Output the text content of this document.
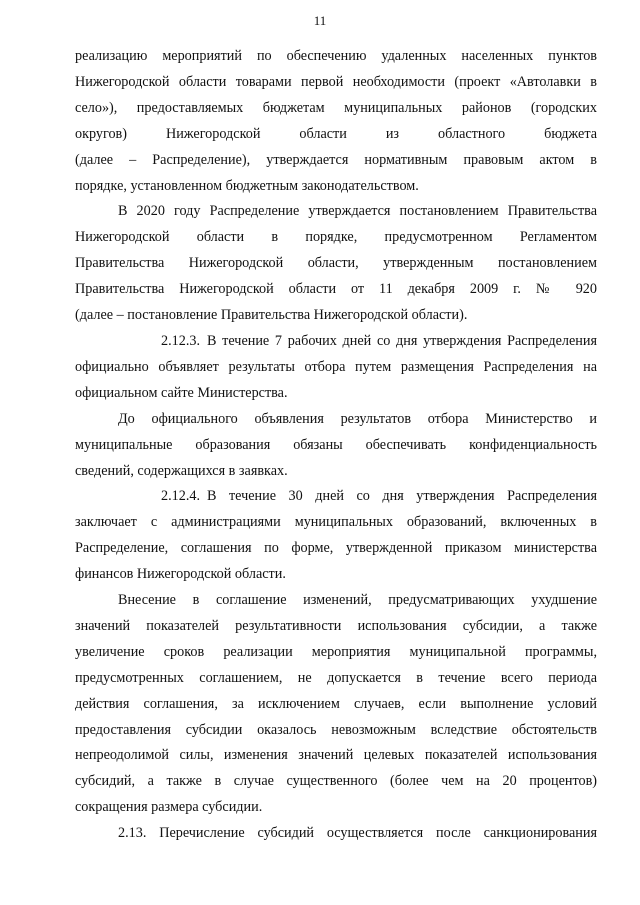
11
реализацию мероприятий по обеспечению удаленных населенных пунктов
Нижегородской области товарами первой необходимости (проект «Автолавки в
село»), предоставляемых бюджетам муниципальных районов (городских
округов) Нижегородской области из областного бюджета
(далее – Распределение), утверждается нормативным правовым актом в
порядке, установленном бюджетным законодательством.
В 2020 году Распределение утверждается постановлением Правительства
Нижегородской области в порядке, предусмотренном Регламентом
Правительства Нижегородской области, утвержденным постановлением
Правительства Нижегородской области от 11 декабря 2009 г. № 920
(далее – постановление Правительства Нижегородской области).
2.12.3. В течение 7 рабочих дней со дня утверждения Распределения
официально объявляет результаты отбора путем размещения Распределения на
официальном сайте Министерства.
До официального объявления результатов отбора Министерство и
муниципальные образования обязаны обеспечивать конфиденциальность
сведений, содержащихся в заявках.
2.12.4. В течение 30 дней со дня утверждения Распределения
заключает с администрациями муниципальных образований, включенных в
Распределение, соглашения по форме, утвержденной приказом министерства
финансов Нижегородской области.
Внесение в соглашение изменений, предусматривающих ухудшение
значений показателей результативности использования субсидии, а также
увеличение сроков реализации мероприятия муниципальной программы,
предусмотренных соглашением, не допускается в течение всего периода
действия соглашения, за исключением случаев, если выполнение условий
предоставления субсидии оказалось невозможным вследствие обстоятельств
непреодолимой силы, изменения значений целевых показателей использования
субсидий, а также в случае существенного (более чем на 20 процентов)
сокращения размера субсидии.
2.13. Перечисление субсидий осуществляется после санкционирования
